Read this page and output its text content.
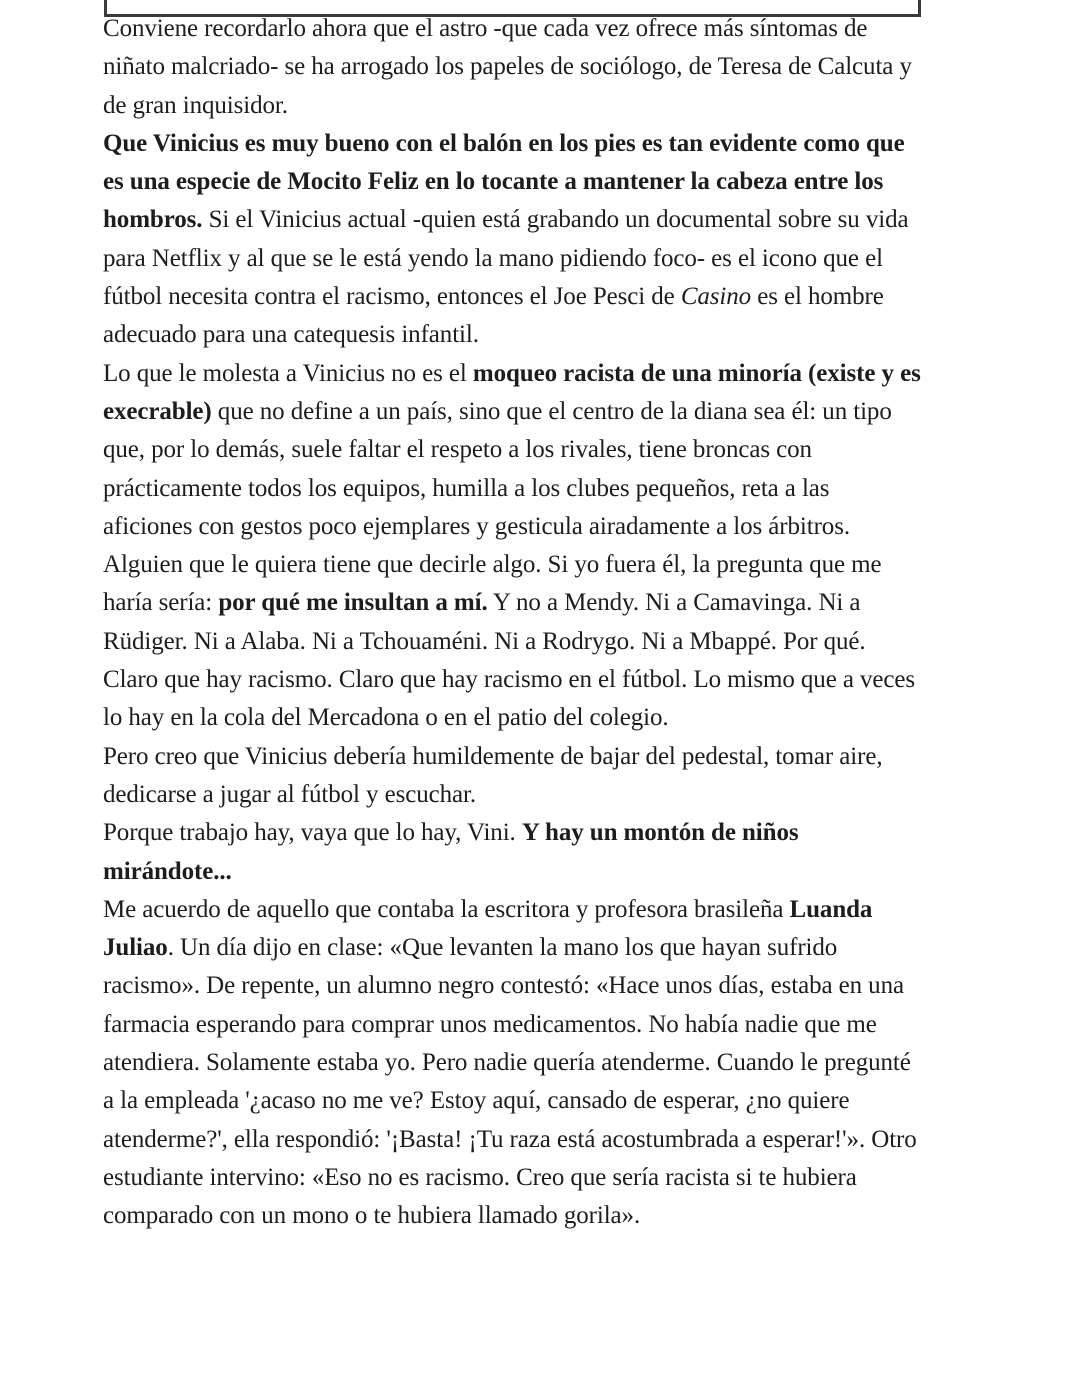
Conviene recordarlo ahora que el astro -que cada vez ofrece más síntomas de niñato malcriado- se ha arrogado los papeles de sociólogo, de Teresa de Calcuta y de gran inquisidor.

Que Vinicius es muy bueno con el balón en los pies es tan evidente como que es una especie de Mocito Feliz en lo tocante a mantener la cabeza entre los hombros. Si el Vinicius actual -quien está grabando un documental sobre su vida para Netflix y al que se le está yendo la mano pidiendo foco- es el icono que el fútbol necesita contra el racismo, entonces el Joe Pesci de Casino es el hombre adecuado para una catequesis infantil.

Lo que le molesta a Vinicius no es el moqueo racista de una minoría (existe y es execrable) que no define a un país, sino que el centro de la diana sea él: un tipo que, por lo demás, suele faltar el respeto a los rivales, tiene broncas con prácticamente todos los equipos, humilla a los clubes pequeños, reta a las aficiones con gestos poco ejemplares y gesticula airadamente a los árbitros.

Alguien que le quiera tiene que decirle algo. Si yo fuera él, la pregunta que me haría sería: por qué me insultan a mí. Y no a Mendy. Ni a Camavinga. Ni a Rüdiger. Ni a Alaba. Ni a Tchouaméni. Ni a Rodrygo. Ni a Mbappé. Por qué.

Claro que hay racismo. Claro que hay racismo en el fútbol. Lo mismo que a veces lo hay en la cola del Mercadona o en el patio del colegio.

Pero creo que Vinicius debería humildemente de bajar del pedestal, tomar aire, dedicarse a jugar al fútbol y escuchar.

Porque trabajo hay, vaya que lo hay, Vini. Y hay un montón de niños mirándote...

Me acuerdo de aquello que contaba la escritora y profesora brasileña Luanda Juliao. Un día dijo en clase: «Que levanten la mano los que hayan sufrido racismo». De repente, un alumno negro contestó: «Hace unos días, estaba en una farmacia esperando para comprar unos medicamentos. No había nadie que me atendiera. Solamente estaba yo. Pero nadie quería atenderme. Cuando le pregunté a la empleada '¿acaso no me ve? Estoy aquí, cansado de esperar, ¿no quiere atenderme?', ella respondió: '¡Basta! ¡Tu raza está acostumbrada a esperar!'». Otro estudiante intervino: «Eso no es racismo. Creo que sería racista si te hubiera comparado con un mono o te hubiera llamado gorila».
